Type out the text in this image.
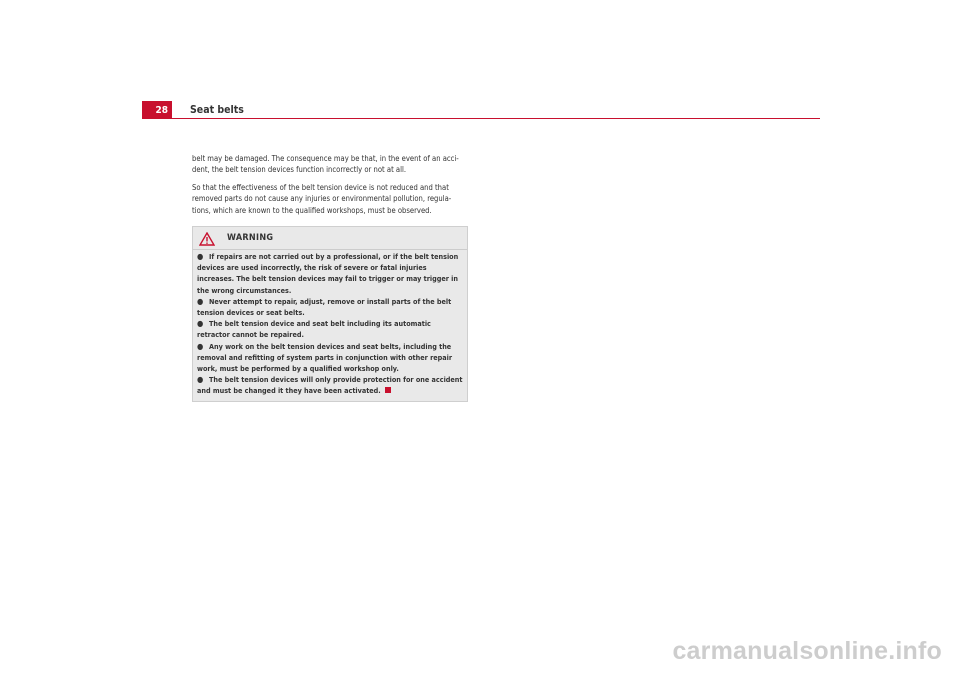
28	Seat belts

belt may be damaged. The consequence may be that, in the event of an acci-dent, the belt tension devices function incorrectly or not at all.

So that the effectiveness of the belt tension device is not reduced and that removed parts do not cause any injuries or environmental pollution, regula-tions, which are known to the qualified workshops, must be observed.

WARNING
● If repairs are not carried out by a professional, or if the belt tension devices are used incorrectly, the risk of severe or fatal injuries increases. The belt tension devices may fail to trigger or may trigger in the wrong circumstances.
● Never attempt to repair, adjust, remove or install parts of the belt tension devices or seat belts.
● The belt tension device and seat belt including its automatic retractor cannot be repaired.
● Any work on the belt tension devices and seat belts, including the removal and refitting of system parts in conjunction with other repair work, must be performed by a qualified workshop only.
● The belt tension devices will only provide protection for one accident and must be changed it they have been activated.
carmanualsonline.info
